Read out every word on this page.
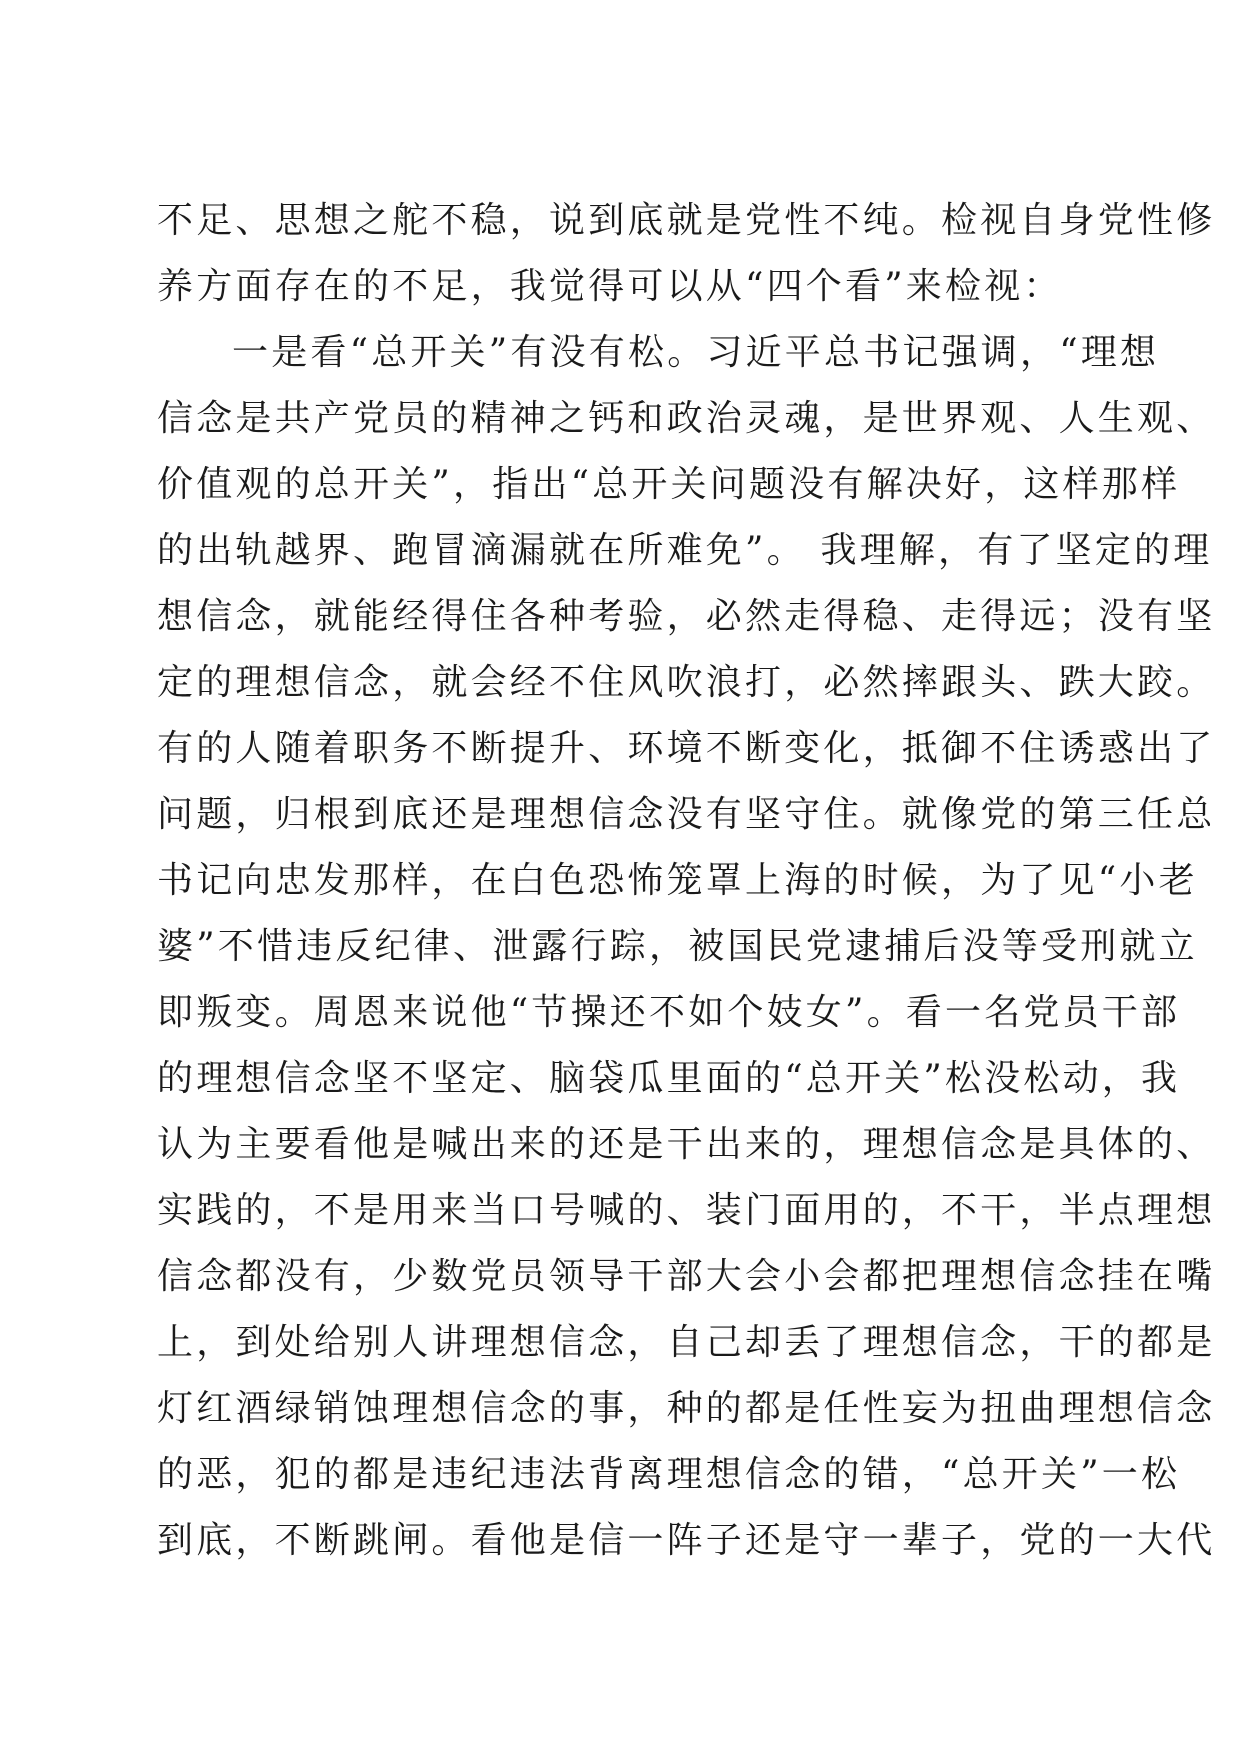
不足、思想之舵不稳，说到底就是党性不纯。检视自身党性修
养方面存在的不足，我觉得可以从“四个看”来检视：
一是看“总开关”有没有松。习近平总书记强调，“理想
信念是共产党员的精神之钙和政治灵魂，是世界观、人生观、
价值观的总开关”，指出“总开关问题没有解决好，这样那样
的出轨越界、跑冒滴漏就在所难免”。 我理解，有了坚定的理
想信念，就能经得住各种考验，必然走得稳、走得远；没有坚
定的理想信念，就会经不住风吹浪打，必然摔跟头、跌大跤。
有的人随着职务不断提升、环境不断变化，抵御不住诱惑出了
问题，归根到底还是理想信念没有坚守住。就像党的第三任总
书记向忠发那样，在白色恐怖笼罩上海的时候，为了见“小老
婆”不惜违反纪律、泄露行踪，被国民党逮捕后没等受刑就立
即叛变。周恩来说他“节操还不如个妓女”。看一名党员干部
的理想信念坚不坚定、脑袋瓜里面的“总开关”松没松动，我
认为主要看他是喊出来的还是干出来的，理想信念是具体的、
实践的，不是用来当口号喊的、装门面用的，不干，半点理想
信念都没有，少数党员领导干部大会小会都把理想信念挂在嘴
上，到处给别人讲理想信念，自己却丢了理想信念，干的都是
灯红酒绿销蚀理想信念的事，种的都是任性妄为扭曲理想信念
的恶，犯的都是违纪违法背离理想信念的错，“总开关”一松
到底，不断跳闸。看他是信一阵子还是守一辈子，党的一大代
